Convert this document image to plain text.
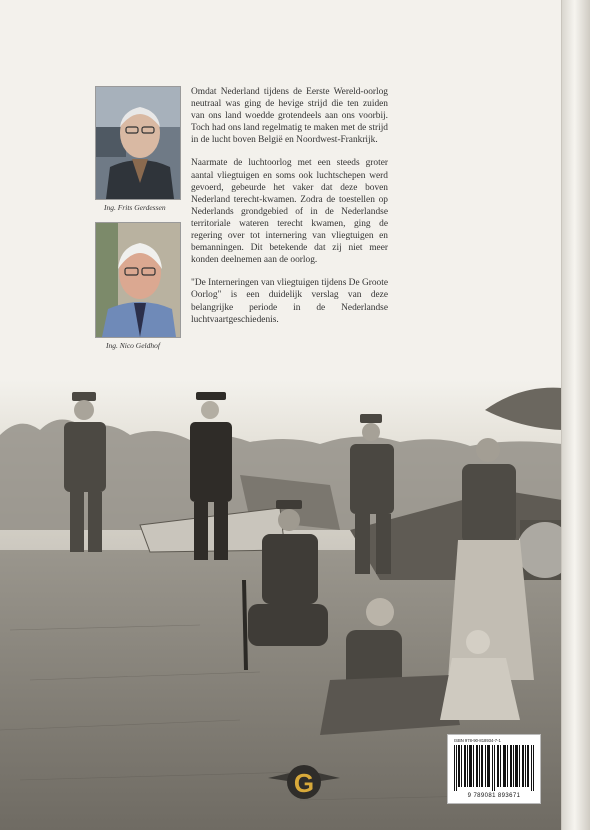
Ing. Frits Gerdessen
Ing. Nico Geldhof

Omdat Nederland tijdens de Eerste Wereld-oorlog neutraal was ging de hevige strijd die ten zuiden van ons land woedde grotendeels aan ons voorbij. Toch had ons land regelmatig te maken met de strijd in de lucht boven België en Noordwest-Frankrijk.

Naarmate de luchtoorlog met een steeds groter aantal vliegtuigen en soms ook luchtschepen werd gevoerd, gebeurde het vaker dat deze boven Nederland terecht-kwamen. Zodra de toestellen op Nederlands grondgebied of in de Nederlandse territoriale wateren terecht kwamen, ging de regering over tot internering van vliegtuigen en bemanningen. Dit betekende dat zij niet meer konden deelnemen aan de oorlog.

"De Interneringen van vliegtuigen tijdens De Groote Oorlog" is een duidelijk verslag van deze belangrijke periode in de Nederlandse luchtvaartgeschiedenis.

G
ISBN 978-90-818934-7-1
9 789081 893671
